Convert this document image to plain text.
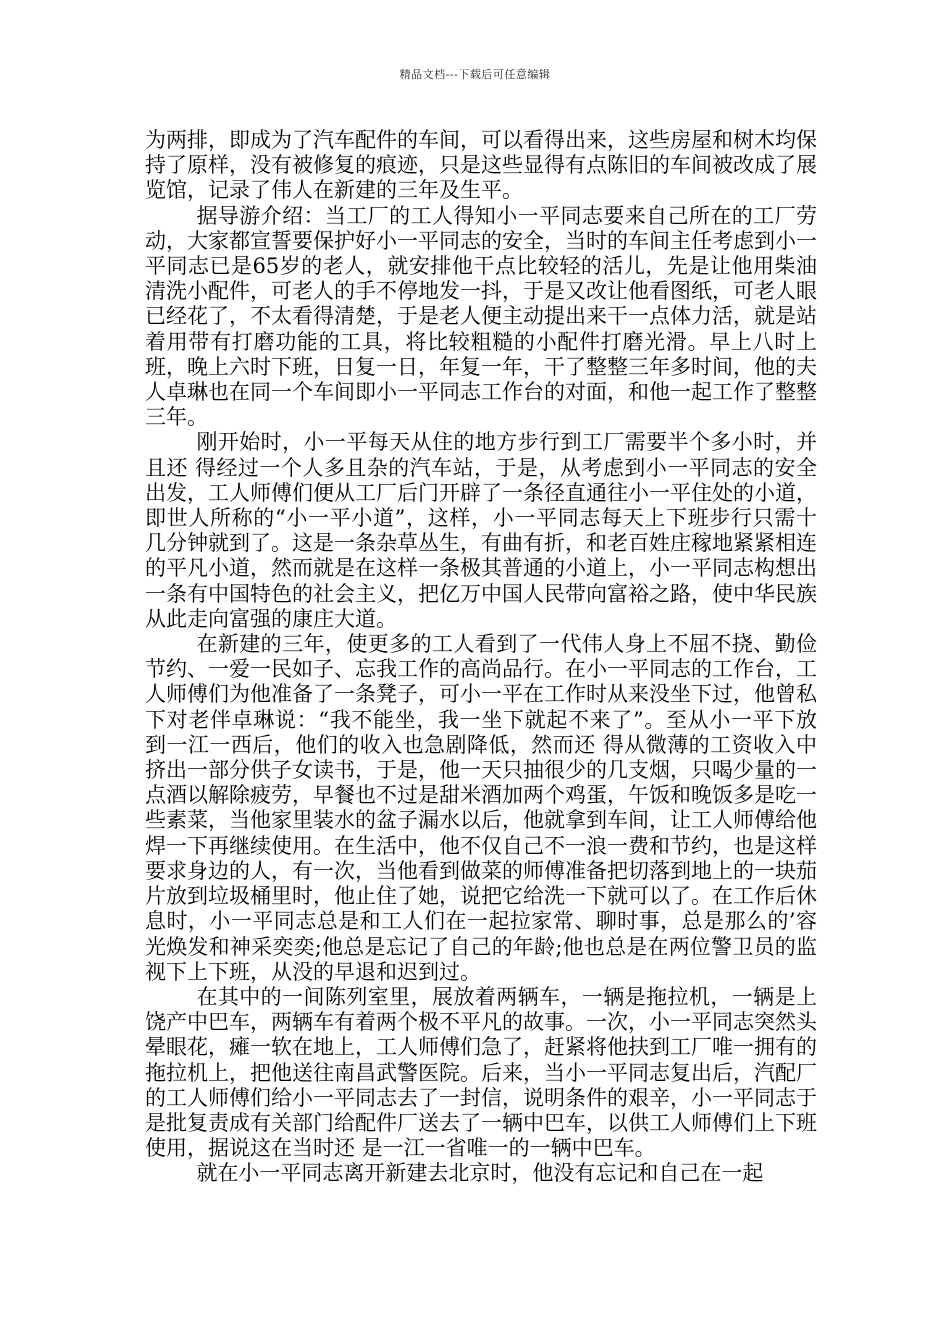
精品文档---下载后可任意编辑

为两排，即成为了汽车配件的车间，可以看得出来，这些房屋和树木均保持了原样，没有被修复的痕迹，只是这些显得有点陈旧的车间被改成了展览馆，记录了伟人在新建的三年及生平。

据导游介绍：当工厂的工人得知小一平同志要来自己所在的工厂劳动，大家都宣誓要保护好小一平同志的安全，当时的车间主任考虑到小一平同志已是65岁的老人，就安排他干点比较轻的活儿，先是让他用柴油清洗小配件，可老人的手不停地发一抖，于是又改让他看图纸，可老人眼已经花了，不太看得清楚，于是老人便主动提出来干一点体力活，就是站着用带有打磨功能的工具，将比较粗糙的小配件打磨光滑。早上八时上班，晚上六时下班，日复一日，年复一年，干了整整三年多时间，他的夫人卓琳也在同一个车间即小一平同志工作台的对面，和他一起工作了整整三年。

刚开始时，小一平每天从住的地方步行到工厂需要半个多小时，并且还 得经过一个人多且杂的汽车站，于是，从考虑到小一平同志的安全出发，工人师傅们便从工厂后门开辟了一条径直通往小一平住处的小道，即世人所称的“小一平小道”，这样，小一平同志每天上下班步行只需十几分钟就到了。这是一条杂草丛生，有曲有折，和老百姓庄稼地紧紧相连的平凡小道，然而就是在这样一条极其普通的小道上，小一平同志构想出一条有中国特色的社会主义，把亿万中国人民带向富裕之路，使中华民族从此走向富强的康庄大道。

在新建的三年，使更多的工人看到了一代伟人身上不屈不挠、勤俭节约、一爱一民如子、忘我工作的高尚品行。在小一平同志的工作台，工人师傅们为他准备了一条凳子，可小一平在工作时从来没坐下过，他曾私下对老伴卓琳说：“我不能坐，我一坐下就起不来了”。至从小一平下放到一江一西后，他们的收入也急剧降低，然而还 得从微薄的工资收入中挤出一部分供子女读书，于是，他一天只抽很少的几支烟，只喝少量的一点酒以解除疲劳，早餐也不过是甜米酒加两个鸡蛋，午饭和晚饭多是吃一些素菜，当他家里装水的盆子漏水以后，他就拿到车间，让工人师傅给他焊一下再继续使用。在生活中，他不仅自己不一浪一费和节约，也是这样要求身边的人，有一次，当他看到做菜的师傅准备把切落到地上的一块茄片放到垃圾桶里时，他止住了她，说把它给洗一下就可以了。在工作后休息时，小一平同志总是和工人们在一起拉家常、聊时事，总是那么的’容光焕发和神采奕奕;他总是忘记了自己的年龄;他也总是在两位警卫员的监视下上下班，从没的早退和迟到过。

在其中的一间陈列室里，展放着两辆车，一辆是拖拉机，一辆是上饶产中巴车，两辆车有着两个极不平凡的故事。一次，小一平同志突然头晕眼花，瘫一软在地上，工人师傅们急了，赶紧将他扶到工厂唯一拥有的拖拉机上，把他送往南昌武警医院。后来，当小一平同志复出后，汽配厂的工人师傅们给小一平同志去了一封信，说明条件的艰辛，小一平同志于是批复责成有关部门给配件厂送去了一辆中巴车，以供工人师傅们上下班使用，据说这在当时还 是一江一省唯一的一辆中巴车。

就在小一平同志离开新建去北京时，他没有忘记和自己在一起
